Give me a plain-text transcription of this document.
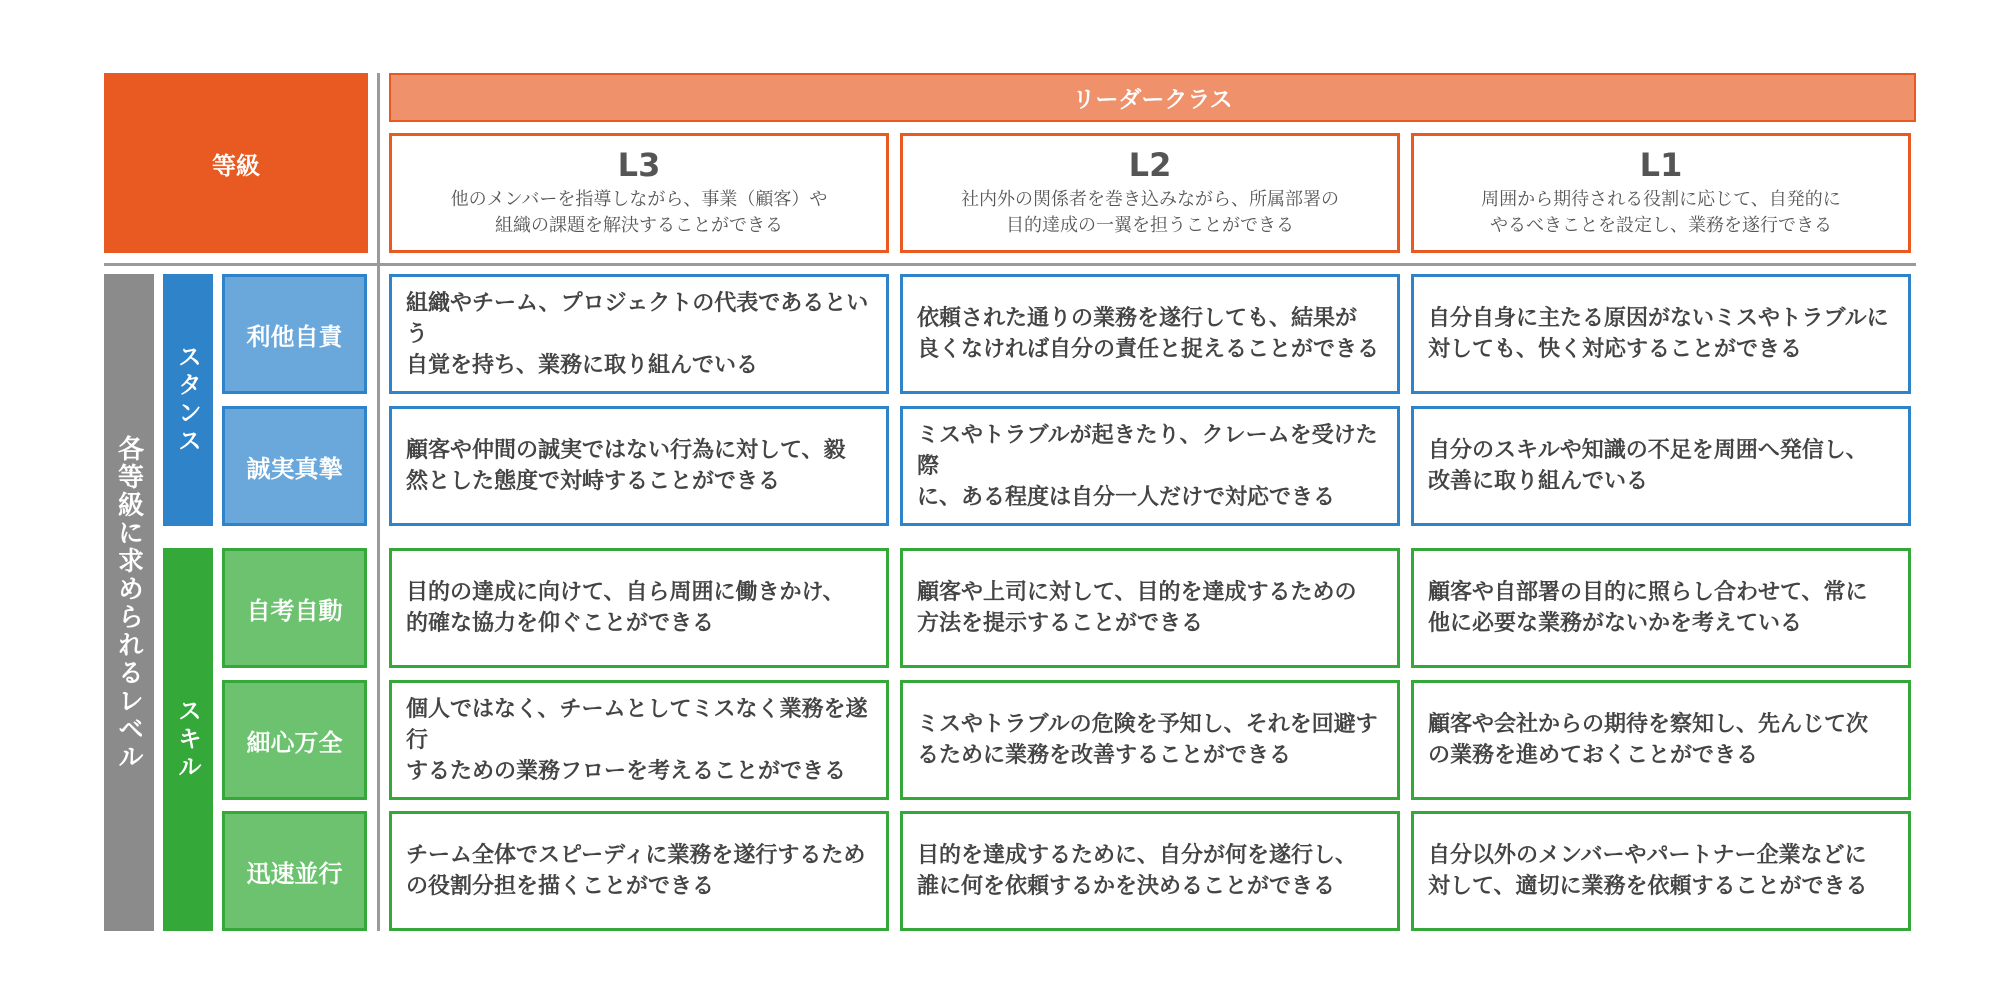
等級
リーダークラス
L3
他のメンバーを指導しながら、事業（顧客）や
組織の課題を解決することができる
L2
社内外の関係者を巻き込みながら、所属部署の
目的達成の一翼を担うことができる
L1
周囲から期待される役割に応じて、自発的に
やるべきことを設定し、業務を遂行できる
各等級に求められるレベル
スタンス
スキル
利他自責
組織やチーム、プロジェクトの代表であるという
自覚を持ち、業務に取り組んでいる
依頼された通りの業務を遂行しても、結果が
良くなければ自分の責任と捉えることができる
自分自身に主たる原因がないミスやトラブルに
対しても、快く対応することができる
誠実真摯
顧客や仲間の誠実ではない行為に対して、毅
然とした態度で対峙することができる
ミスやトラブルが起きたり、クレームを受けた際
に、ある程度は自分一人だけで対応できる
自分のスキルや知識の不足を周囲へ発信し、
改善に取り組んでいる
自考自動
目的の達成に向けて、自ら周囲に働きかけ、
的確な協力を仰ぐことができる
顧客や上司に対して、目的を達成するための
方法を提示することができる
顧客や自部署の目的に照らし合わせて、常に
他に必要な業務がないかを考えている
細心万全
個人ではなく、チームとしてミスなく業務を遂行
するための業務フローを考えることができる
ミスやトラブルの危険を予知し、それを回避す
るために業務を改善することができる
顧客や会社からの期待を察知し、先んじて次
の業務を進めておくことができる
迅速並行
チーム全体でスピーディに業務を遂行するため
の役割分担を描くことができる
目的を達成するために、自分が何を遂行し、
誰に何を依頼するかを決めることができる
自分以外のメンバーやパートナー企業などに
対して、適切に業務を依頼することができる
